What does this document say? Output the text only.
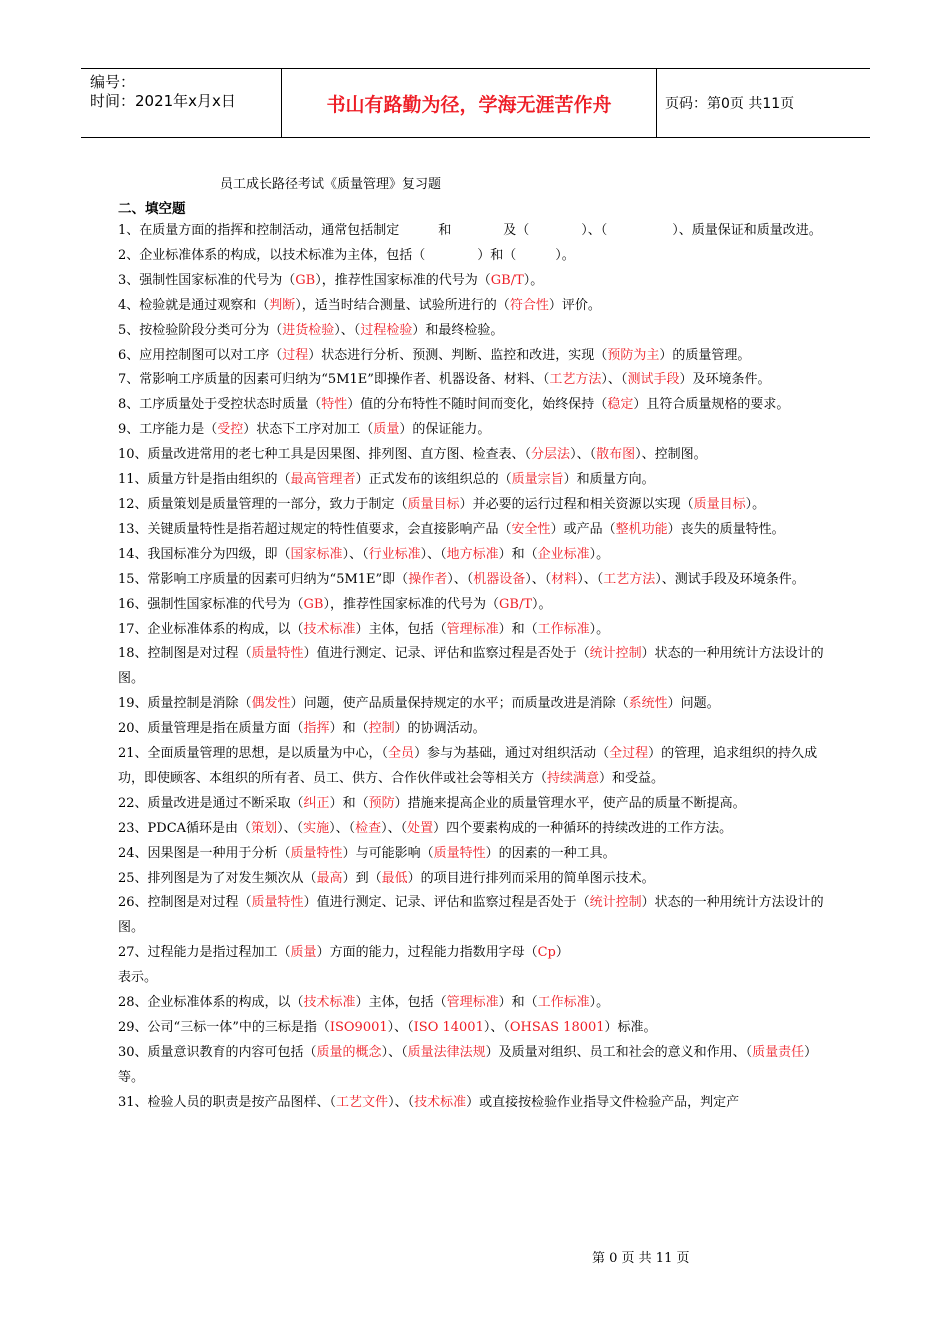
编号：
时间：2021年x月x日	书山有路勤为径，学海无涯苦作舟	页码：第0页 共11页
员工成长路径考试《质量管理》复习题
二、填空题

1、在质量方面的指挥和控制活动，通常包括制定　　　和　　　　及（　　　　）、（　　　　　）、质量保证和质量改进。

2、企业标准体系的构成，以技术标准为主体，包括（　　　　）和（　　　）。

3、强制性国家标准的代号为（GB），推荐性国家标准的代号为（GB/T）。

4、检验就是通过观察和（判断），适当时结合测量、试验所进行的（符合性）评价。

5、按检验阶段分类可分为（进货检验）、（过程检验）和最终检验。

6、应用控制图可以对工序（过程）状态进行分析、预测、判断、监控和改进，实现（预防为主）的质量管理。

7、常影响工序质量的因素可归纳为“5M1E”即操作者、机器设备、材料、（工艺方法）、（测试手段）及环境条件。

8、工序质量处于受控状态时质量（特性）值的分布特性不随时间而变化，始终保持（稳定）且符合质量规格的要求。

9、工序能力是（受控）状态下工序对加工（质量）的保证能力。

10、质量改进常用的老七种工具是因果图、排列图、直方图、检查表、（分层法）、（散布图）、控制图。

11、质量方针是指由组织的（最高管理者）正式发布的该组织总的（质量宗旨）和质量方向。

12、质量策划是质量管理的一部分，致力于制定（质量目标）并必要的运行过程和相关资源以实现（质量目标）。

13、关键质量特性是指若超过规定的特性值要求，会直接影响产品（安全性）或产品（整机功能）丧失的质量特性。

14、我国标准分为四级，即（国家标准）、（行业标准）、（地方标准）和（企业标准）。

15、常影响工序质量的因素可归纳为“5M1E”即（操作者）、（机器设备）、（材料）、（工艺方法）、测试手段及环境条件。

16、强制性国家标准的代号为（GB），推荐性国家标准的代号为（GB/T）。

17、企业标准体系的构成，以（技术标准）主体，包括（管理标准）和（工作标准）。

18、控制图是对过程（质量特性）值进行测定、记录、评估和监察过程是否处于（统计控制）状态的一种用统计方法设计的图。

19、质量控制是消除（偶发性）问题，使产品质量保持规定的水平；而质量改进是消除（系统性）问题。

20、质量管理是指在质量方面（指挥）和（控制）的协调活动。

21、全面质量管理的思想，是以质量为中心，（全员）参与为基础，通过对组织活动（全过程）的管理，追求组织的持久成功，即使顾客、本组织的所有者、员工、供方、合作伙伴或社会等相关方（持续满意）和受益。

22、质量改进是通过不断采取（纠正）和（预防）措施来提高企业的质量管理水平，使产品的质量不断提高。

23、PDCA循环是由（策划）、（实施）、（检查）、（处置）四个要素构成的一种循环的持续改进的工作方法。

24、因果图是一种用于分析（质量特性）与可能影响（质量特性）的因素的一种工具。

25、排列图是为了对发生频次从（最高）到（最低）的项目进行排列而采用的简单图示技术。

26、控制图是对过程（质量特性）值进行测定、记录、评估和监察过程是否处于（统计控制）状态的一种用统计方法设计的图。

27、过程能力是指过程加工（质量）方面的能力，过程能力指数用字母（Cp）

表示。

28、企业标准体系的构成，以（技术标准）主体，包括（管理标准）和（工作标准）。

29、公司“三标一体”中的三标是指（ISO9001）、（ISO 14001）、（OHSAS 18001）标准。

30、质量意识教育的内容可包括（质量的概念）、（质量法律法规）及质量对组织、员工和社会的意义和作用、（质量责任）等。

31、检验人员的职责是按产品图样、（工艺文件）、（技术标准）或直接按检验作业指导文件检验产品，判定产

第 0 页 共 11 页
